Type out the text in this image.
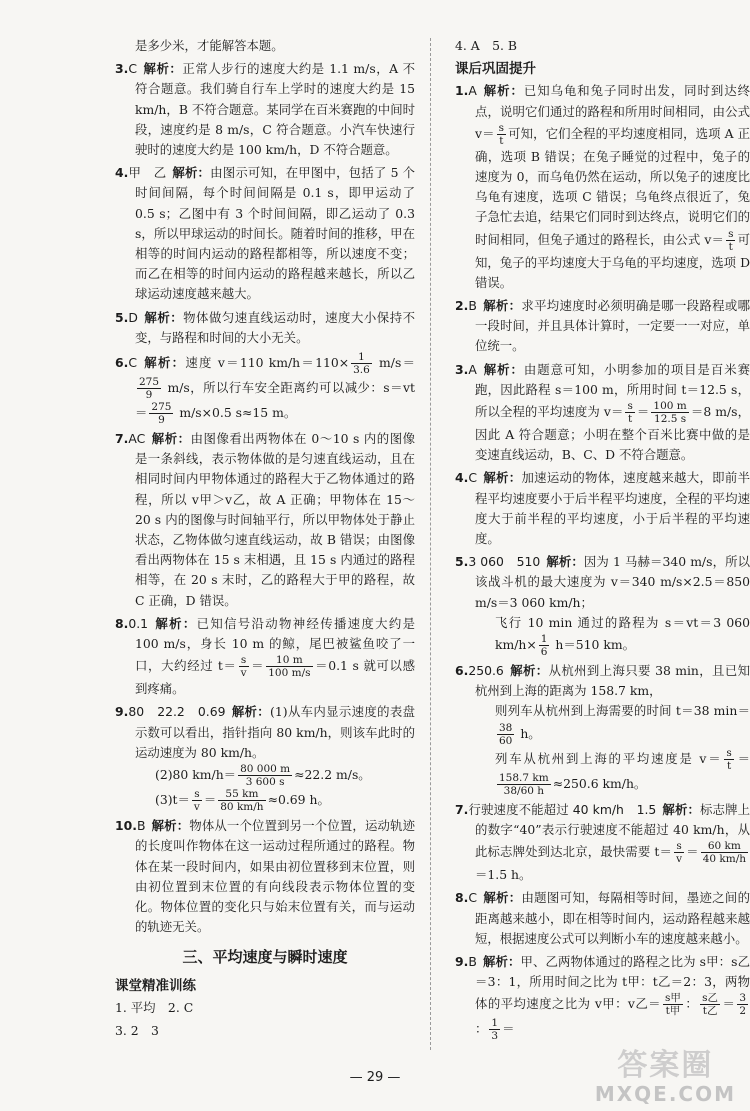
是多少米，才能解答本题。

3.C 解析：正常人步行的速度大约是 1.1 m/s，A 不符合题意。我们骑自行车上学时的速度大约是 15 km/h，B 不符合题意。某同学在百米赛跑的中间时段，速度约是 8 m/s，C 符合题意。小汽车快速行驶时的速度大约是 100 km/h，D 不符合题意。

4.甲　乙 解析：由图示可知，在甲图中，包括了 5 个时间间隔，每个时间间隔是 0.1 s，即甲运动了 0.5 s；乙图中有 3 个时间间隔，即乙运动了 0.3 s，所以甲球运动的时间长。随着时间的推移，甲在相等的时间内运动的路程都相等，所以速度不变；而乙在相等的时间内运动的路程越来越长，所以乙球运动速度越来越大。

5.D 解析：物体做匀速直线运动时，速度大小保持不变，与路程和时间的大小无关。

6.C 解析：速度 v＝110 $km/h=110\times \frac{1}{3.6} m/s=$
$\frac{275}{9} m/s$，所以行车安全距离约可以减少：$s=vt= \frac{275}{9} m/s\times 0.5$ s≈15 m。

7.AC 解析：由图像看出两物体在 0～10 s 内的图像是一条斜线，表示物体做的是匀速直线运动，且在相同时间内甲物体通过的路程大于乙物体通过的路程，所以 v甲＞v乙，故 A 正确；甲物体在 15～20 s 内的图像与时间轴平行，所以甲物体处于静止状态，乙物体做匀速直线运动，故 B 错误；由图像看出两物体在 15 s 末相遇，且 15 s 内通过的路程相等，在 20 s 末时，乙的路程大于甲的路程，故 C 正确，D 错误。

8.0.1 解析：已知信号沿动物神经传播速度大约是 100 m/s，身长 10 m 的鲸，尾巴被鲨鱼咬了一口，大约经过 $t= \frac{s}{v} = \frac{10 m}{100 m/s} =0.1$ s 就可以感到疼痛。

9.80　22.2　0.69 解析：(1)从车内显示速度的表盘示数可以看出，指针指向 80 km/h，则该车此时的运动速度为 80 km/h。
(2)80 $km/h= \frac{80 000 m}{3 600 s} \approx 22.2$ m/s。
$(3)t= \frac{s}{v} = \frac{55 km}{80 km/h} \approx 0.69$ h。

10.B 解析：物体从一个位置到另一个位置，运动轨迹的长度叫作物体在这一运动过程所通过的路程。物体在某一段时间内，如果由初位置移到末位置，则由初位置到末位置的有向线段表示物体位置的变化。物体位置的变化只与始末位置有关，而与运动的轨迹无关。

三、平均速度与瞬时速度
课堂精准训练

1. 平均　2. C

3. 2　3

4. A　5. B

课后巩固提升

1.A 解析：已知乌龟和兔子同时出发，同时到达终点，说明它们通过的路程和所用时间相同，由公式 $v= \frac{s}{t}$ 可知，它们全程的平均速度相同，选项 A 正确，选项 B 错误；在兔子睡觉的过程中，兔子的速度为 0，而乌龟仍然在运动，所以兔子的速度比乌龟有速度，选项 C 错误；乌龟终点很近了，兔子急忙去追，结果它们同时到达终点，说明它们的时间相同，但兔子通过的路程长，由公式 $v= \frac{s}{t}$ 可知，兔子的平均速度大于乌龟的平均速度，选项 D 错误。

2.B 解析：求平均速度时必须明确是哪一段路程或哪一段时间，并且具体计算时，一定要一一对应，单位统一。

3.A 解析：由题意可知，小明参加的项目是百米赛跑，因此路程 s＝100 m，所用时间 t＝12.5 s，所以全程的平均速度为 $v= \frac{s}{t} = \frac{100 m}{12.5 s} =8$ m/s，因此 A 符合题意；小明在整个百米比赛中做的是变速直线运动，B、C、D 不符合题意。

4.C 解析：加速运动的物体，速度越来越大，即前半程平均速度要小于后半程平均速度，全程的平均速度大于前半程的平均速度，小于后半程的平均速度。

5.3 060　510 解析：因为 1 马赫＝340 m/s，所以该战斗机的最大速度为 v＝340 m/s×2.5＝850 m/s＝3 060 km/h；
飞行 10 min 通过的路程为 s＝vt＝3 060 $km/h\times \frac{1}{6} h=510$ km。
6.250.6 解析：从杭州到上海只要 38 min，且已知杭州到上海的距离为 158.7 km，
则列车从杭州到上海需要的时间 t＝38 min＝
$\frac{38}{60}$ h。
列车从杭州到上海的平均速度是 $v= \frac{s}{t}$ ＝
$\frac{158.7 km}{38/60 h} \approx 250.6$ km/h。

7.行驶速度不能超过 40 km/h　1.5 解析：标志牌上的数字“40”表示行驶速度不能超过 40 km/h，从此标志牌处到达北京，最快需要 $t= \frac{s}{v} = \frac{60 km}{40 km/h}$
＝1.5 h。

8.C 解析：由题图可知，每隔相等时间，墨迹之间的距离越来越小，即在相等时间内，运动路程越来越短，根据速度公式可以判断小车的速度越来越小。

9.B 解析：甲、乙两物体通过的路程之比为 s甲：s乙＝3：1，所用时间之比为 t甲：t乙＝2：3，两物体的平均速度之比为 v甲：v乙＝ $\frac{\text{s甲}}{\text{t甲}}$ ： $\frac{\text{s乙}}{\text{t乙}} = \frac{3}{2}$
： $\frac{1}{3}$ ＝

— 29 —	答案圈
MXQE.COM
